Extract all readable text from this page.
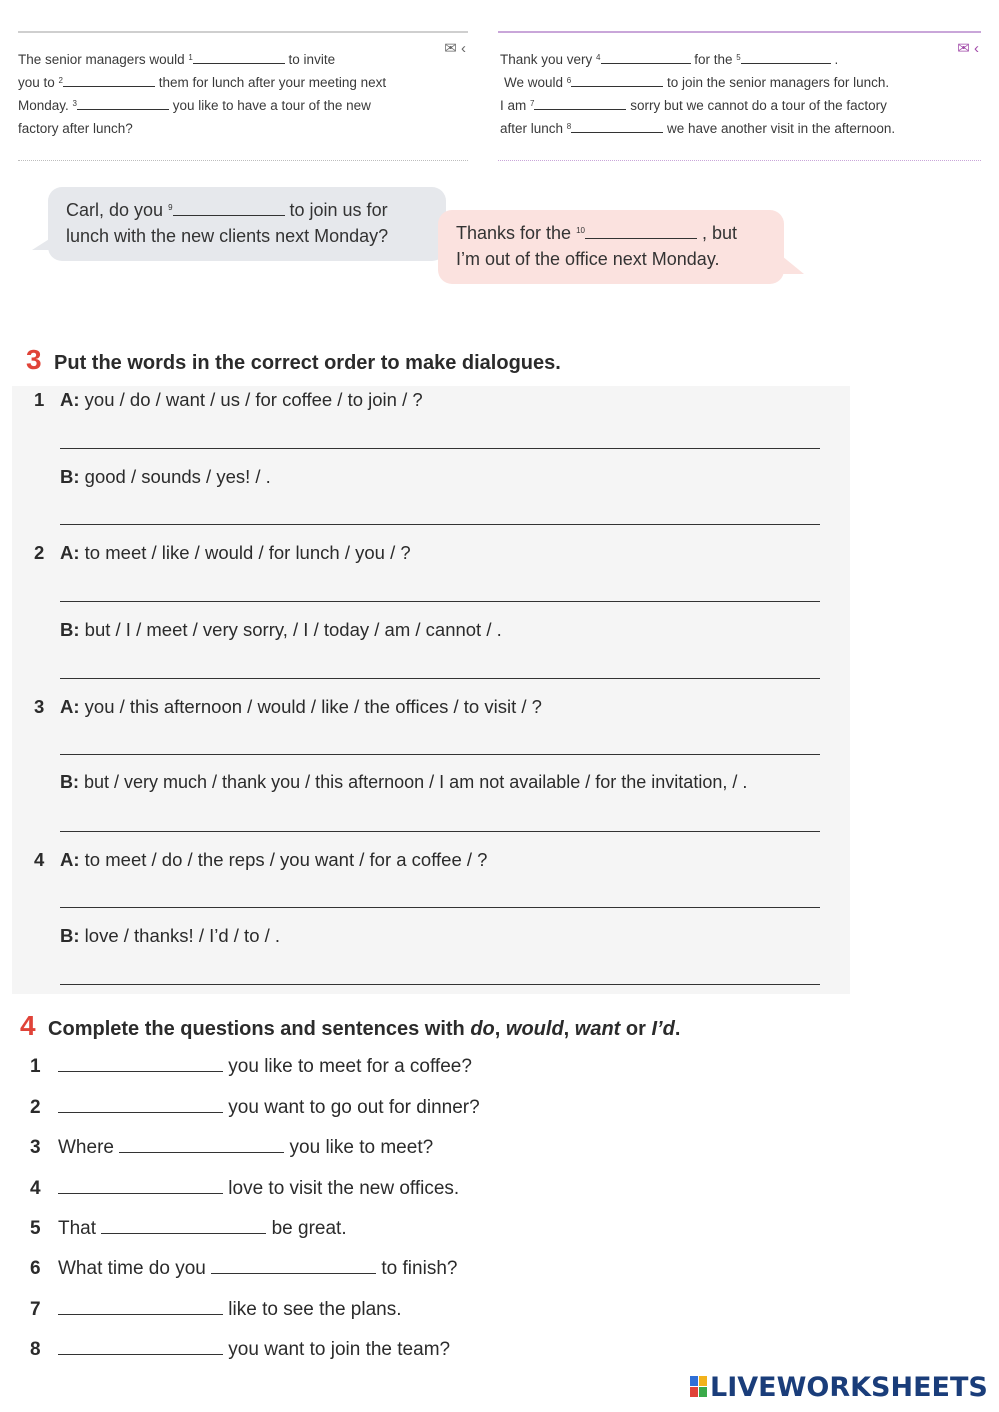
✉ ‹
The senior managers would $^1$	to invite
you to $^2$	them for lunch after your meeting next
Monday. $^3$	you like to have a tour of the new
factory after lunch?
✉ ‹
Thank you very $^4$	for the $^5$	.
We would $^6$	to join the senior managers for lunch.
I am $^7$	sorry but we cannot do a tour of the factory
after lunch $^8$	we have another visit in the afternoon.
Carl, do you $^9$	to join us for
lunch with the new clients next Monday?	Thanks for the $^{10}$	, but
I’m out of the office next Monday.
3 Put the words in the correct order to make dialogues.
1 A: you / do / want / us / for coffee / to join / ?
B: good / sounds / yes! / .
2 A: to meet / like / would / for lunch / you / ?
B: but / I / meet / very sorry, / I / today / am / cannot / .
3 A: you / this afternoon / would / like / the offices / to visit / ?
B: but / very much / thank you / this afternoon / I am not available / for the invitation, / .
4 A: to meet / do / the reps / you want / for a coffee / ?
B: love / thanks! / I’d / to / .
4 Complete the questions and sentences with do, would, want or I’d.
1	you like to meet for a coffee?
2	you want to go out for dinner?
3 Where	you like to meet?
4	love to visit the new offices.
5 That	be great.
6 What time do you	to finish?
7	like to see the plans.
8	you want to join the team?
LIVEWORKSHEETS
